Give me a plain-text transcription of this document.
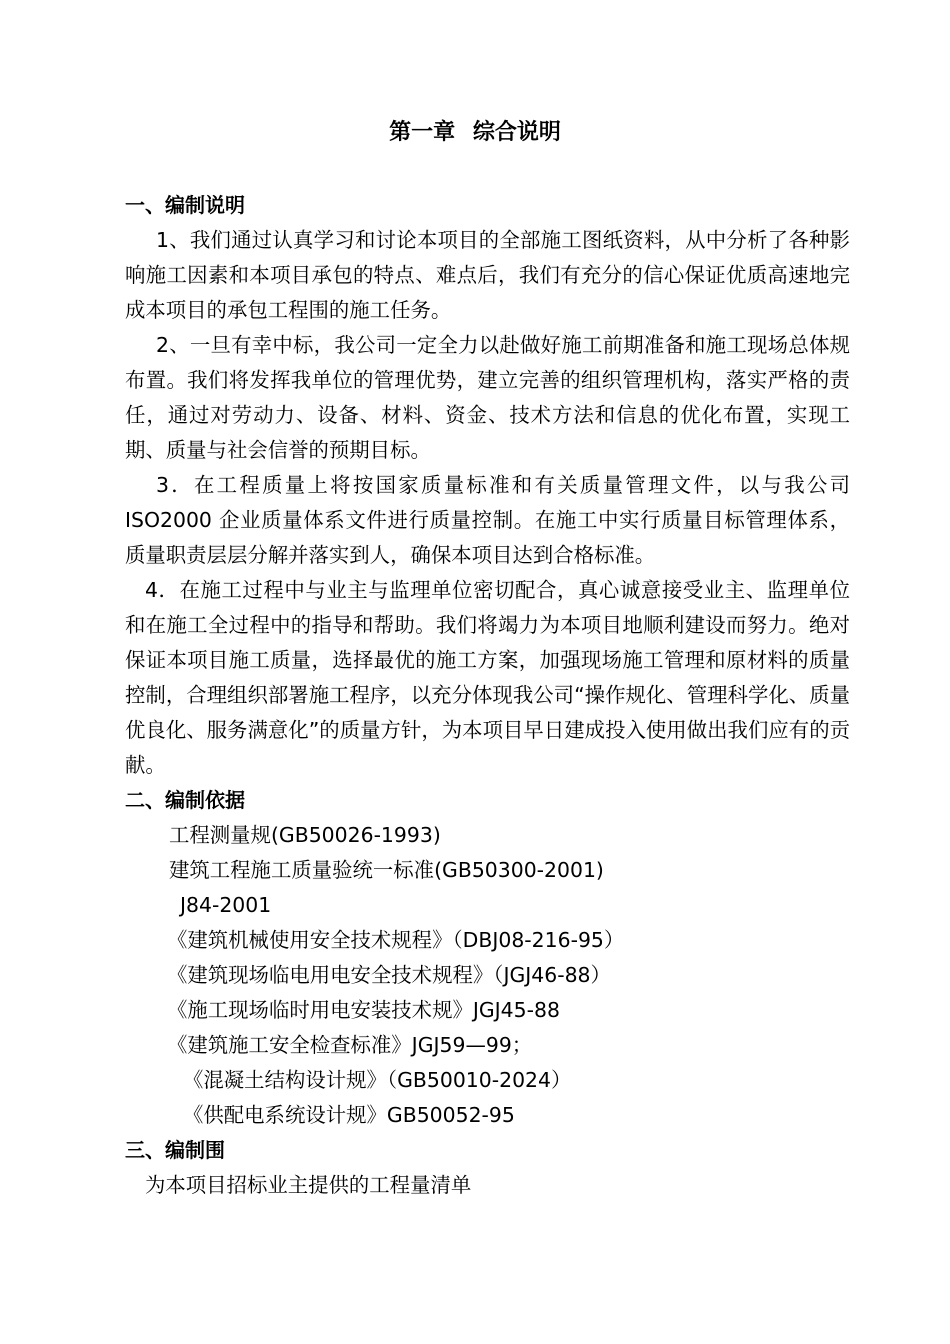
第一章 综合说明
一、编制说明

1、我们通过认真学习和讨论本项目的全部施工图纸资料，从中分析了各种影响施工因素和本项目承包的特点、难点后，我们有充分的信心保证优质高速地完成本项目的承包工程围的施工任务。

2、一旦有幸中标，我公司一定全力以赴做好施工前期准备和施工现场总体规布置。我们将发挥我单位的管理优势，建立完善的组织管理机构，落实严格的责任，通过对劳动力、设备、材料、资金、技术方法和信息的优化布置，实现工期、质量与社会信誉的预期目标。

3．在工程质量上将按国家质量标准和有关质量管理文件，以与我公司 ISO2000 企业质量体系文件进行质量控制。在施工中实行质量目标管理体系，质量职责层层分解并落实到人，确保本项目达到合格标准。

4．在施工过程中与业主与监理单位密切配合，真心诚意接受业主、监理单位和在施工全过程中的指导和帮助。我们将竭力为本项目地顺利建设而努力。绝对保证本项目施工质量，选择最优的施工方案，加强现场施工管理和原材料的质量控制，合理组织部署施工程序，以充分体现我公司“操作规化、管理科学化、质量优良化、服务满意化”的质量方针，为本项目早日建成投入使用做出我们应有的贡献。

二、编制依据

工程测量规(GB50026-1993)

建筑工程施工质量验统一标准(GB50300-2001)

J84-2001

《建筑机械使用安全技术规程》（DBJ08-216-95）

《建筑现场临电用电安全技术规程》（JGJ46-88）

《施工现场临时用电安装技术规》JGJ45-88

《建筑施工安全检查标准》JGJ59—99；

《混凝土结构设计规》（GB50010-2024）

《供配电系统设计规》GB50052-95

三、编制围

为本项目招标业主提供的工程量清单
